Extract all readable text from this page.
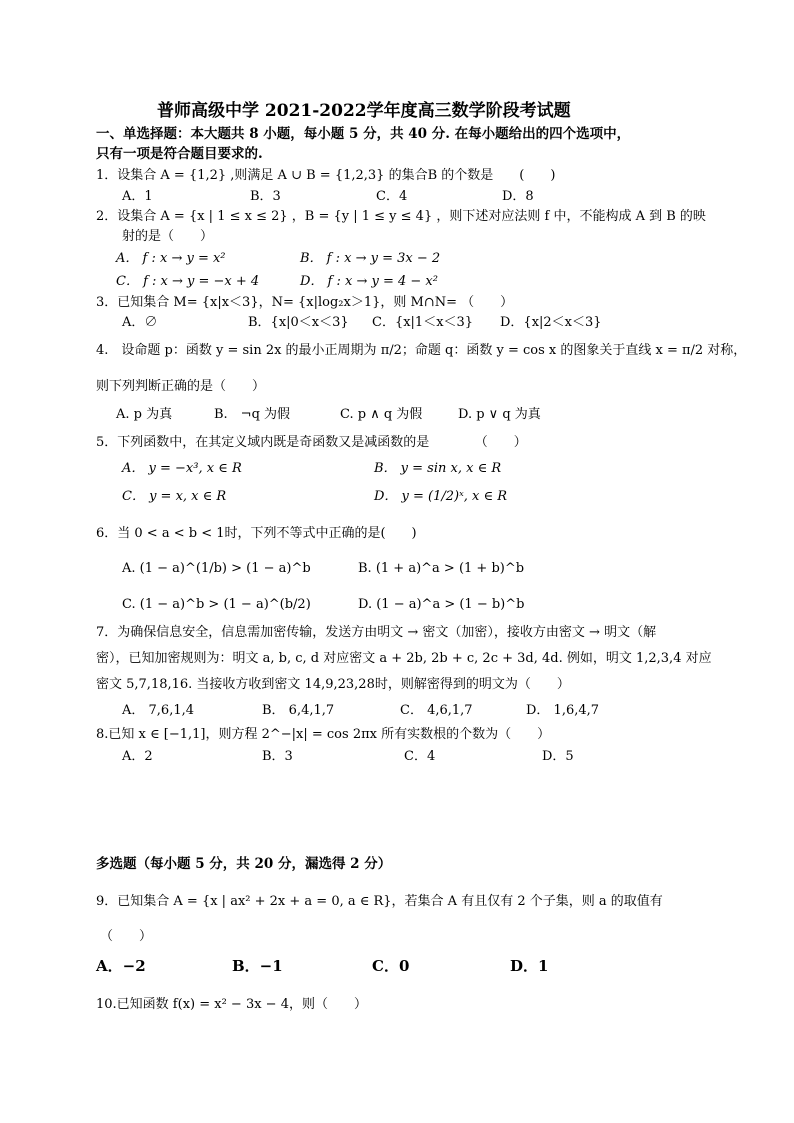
普师高级中学 2021-2022学年度高三数学阶段考试题
一、单选择题：本大题共 8 小题，每小题 5 分，共 40 分. 在每小题给出的四个选项中，
只有一项是符合题目要求的.
1．设集合 A = {1,2} ,则满足 A ∪ B = {1,2,3} 的集合B 的个数是　　(　　)
A．1	B．3	C．4	D．8
2．设集合 A = {x | 1 ≤ x ≤ 2} ，B = {y | 1 ≤ y ≤ 4} ，则下述对应法则 f 中，不能构成 A 到 B 的映
射的是（　　）
A． f : x → y = x²	B． f : x → y = 3x − 2
C． f : x → y = −x + 4	D． f : x → y = 4 − x²
3．已知集合 M= {x|x＜3}，N= {x|log₂x＞1}，则 M∩N= （　　）
A．∅	B．{x|0＜x＜3} C．{x|1＜x＜3} D．{x|2＜x＜3}
4.　设命题 p：函数 y = sin 2x 的最小正周期为 π/2；命题 q：函数 y = cos x 的图象关于直线 x = π/2 对称，
则下列判断正确的是（　　）
A. p 为真	B.　¬q 为假	C. p ∧ q 为假	D. p ∨ q 为真
5．下列函数中，在其定义域内既是奇函数又是减函数的是　　　　（　　）
A． y = −x³, x ∈ R	B． y = sin x, x ∈ R
C． y = x, x ∈ R	D． y = (1/2)ˣ, x ∈ R
6．当 0 < a < b < 1时，下列不等式中正确的是(　　)
A. (1 − a)^(1/b) > (1 − a)^b	B. (1 + a)^a > (1 + b)^b
C. (1 − a)^b > (1 − a)^(b/2)	D. (1 − a)^a > (1 − b)^b
7．为确保信息安全，信息需加密传输，发送方由明文 → 密文（加密），接收方由密文 → 明文（解
密），已知加密规则为：明文 a, b, c, d 对应密文 a + 2b, 2b + c, 2c + 3d, 4d. 例如，明文 1,2,3,4 对应
密文 5,7,18,16. 当接收方收到密文 14,9,23,28时，则解密得到的明文为（　　）
A． 7,6,1,4	B． 6,4,1,7	C． 4,6,1,7	D． 1,6,4,7
8.已知 x ∈ [−1,1]，则方程 2^−|x| = cos 2πx 所有实数根的个数为（　　）
A．2	B．3	C．4	D．5
多选题（每小题 5 分，共 20 分，漏选得 2 分）
9．已知集合 A = {x | ax² + 2x + a = 0, a ∈ R}，若集合 A 有且仅有 2 个子集，则 a 的取值有
（　　）
A．−2	B．−1	C．0	D．1
10.已知函数 f(x) = x² − 3x − 4，则（　　）
